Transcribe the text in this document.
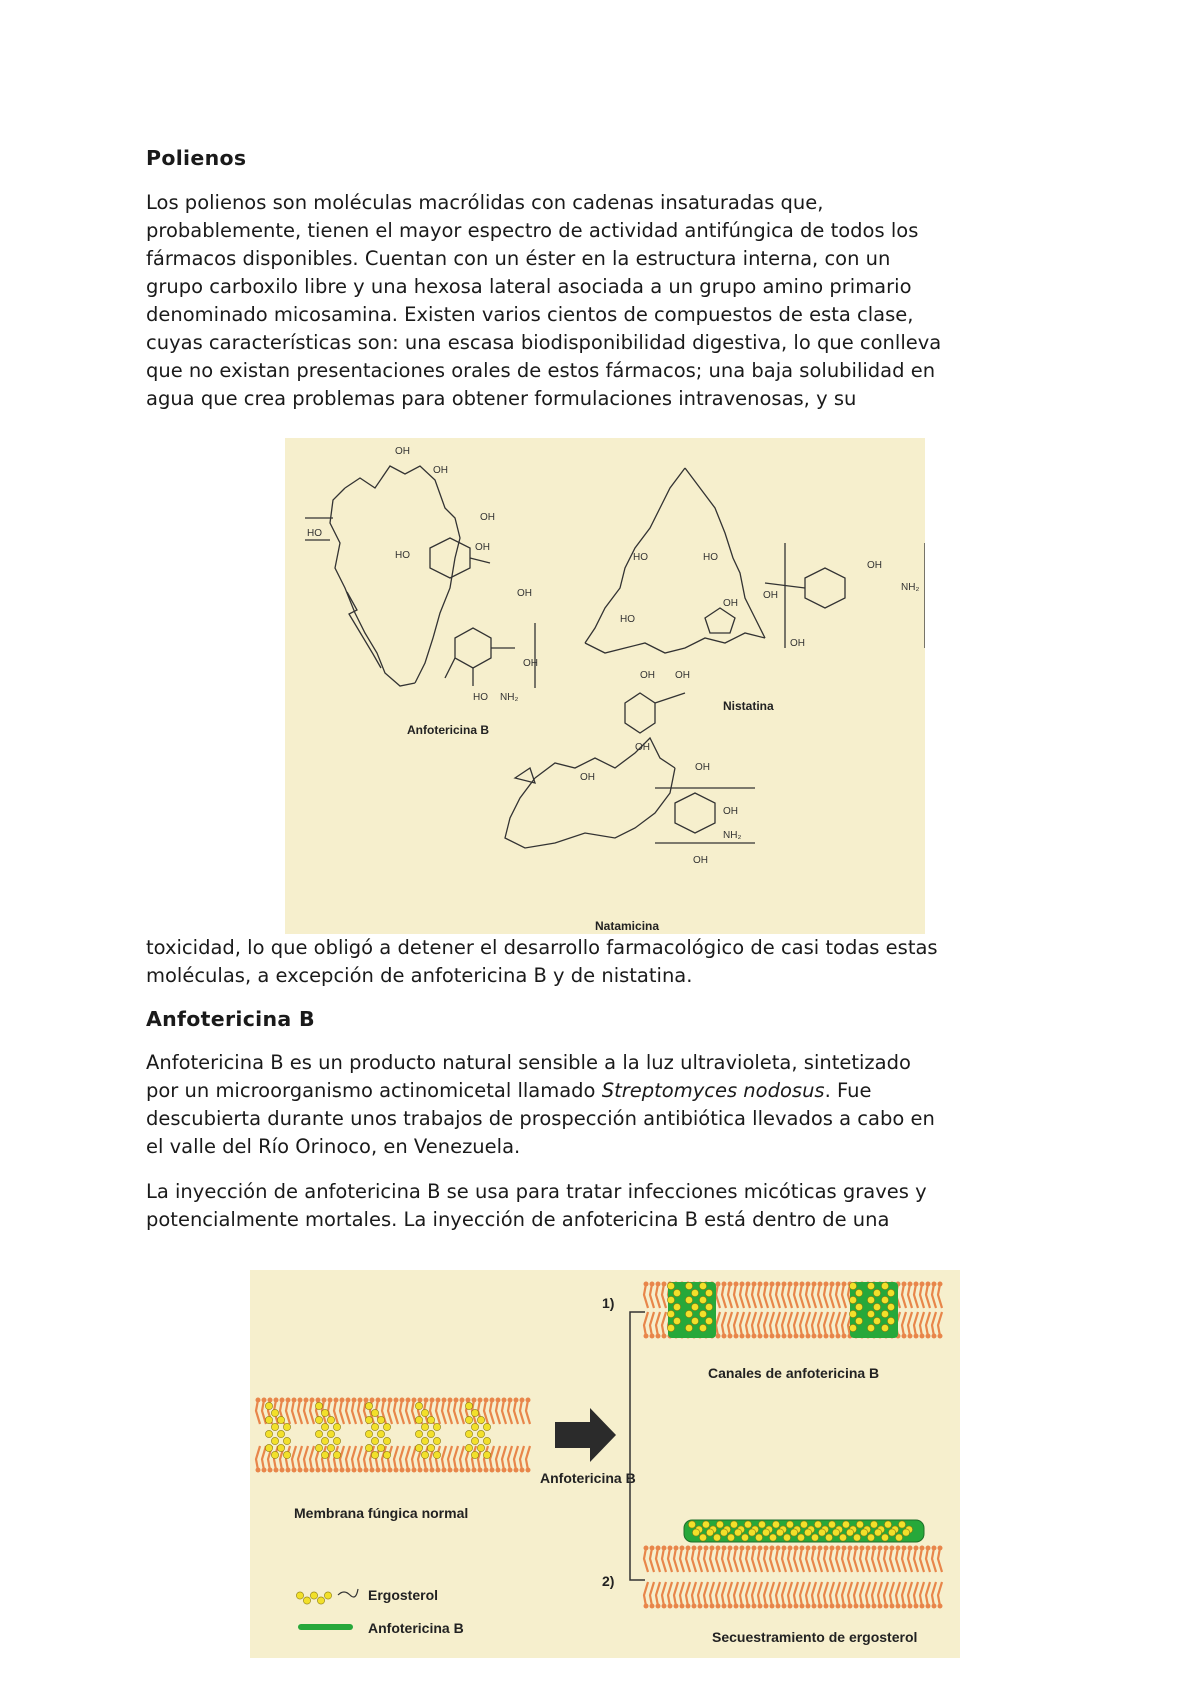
Polienos
Los polienos son moléculas macrólidas con cadenas insaturadas que,
probablemente, tienen el mayor espectro de actividad antifúngica de todos los
fármacos disponibles. Cuentan con un éster en la estructura interna, con un
grupo carboxilo libre y una hexosa lateral asociada a un grupo amino primario
denominado micosamina. Existen varios cientos de compuestos de esta clase,
cuyas características son: una escasa biodisponibilidad digestiva, lo que conlleva
que no existan presentaciones orales de estos fármacos; una baja solubilidad en
agua que crea problemas para obtener formulaciones intravenosas, y su
OH
OH
OH
HO
HO
OH
OH
OH
HO NH₂
Anfotericina B
HO	HO
OH
OH
OH
NH₂
HO
OH
OH OH
Nistatina
OH
OH
OH
NH₂
OH
OH
Natamicina
toxicidad, lo que obligó a detener el desarrollo farmacológico de casi todas estas
moléculas, a excepción de anfotericina B y de nistatina.
Anfotericina B
Anfotericina B es un producto natural sensible a la luz ultravioleta, sintetizado
por un microorganismo actinomicetal llamado Streptomyces nodosus. Fue
descubierta durante unos trabajos de prospección antibiótica llevados a cabo en
el valle del Río Orinoco, en Venezuela.
La inyección de anfotericina B se usa para tratar infecciones micóticas graves y
potencialmente mortales. La inyección de anfotericina B está dentro de una
Anfotericina B
1)
2)
Canales de anfotericina B
Membrana fúngica normal
Secuestramiento de ergosterol
Ergosterol
Anfotericina B
